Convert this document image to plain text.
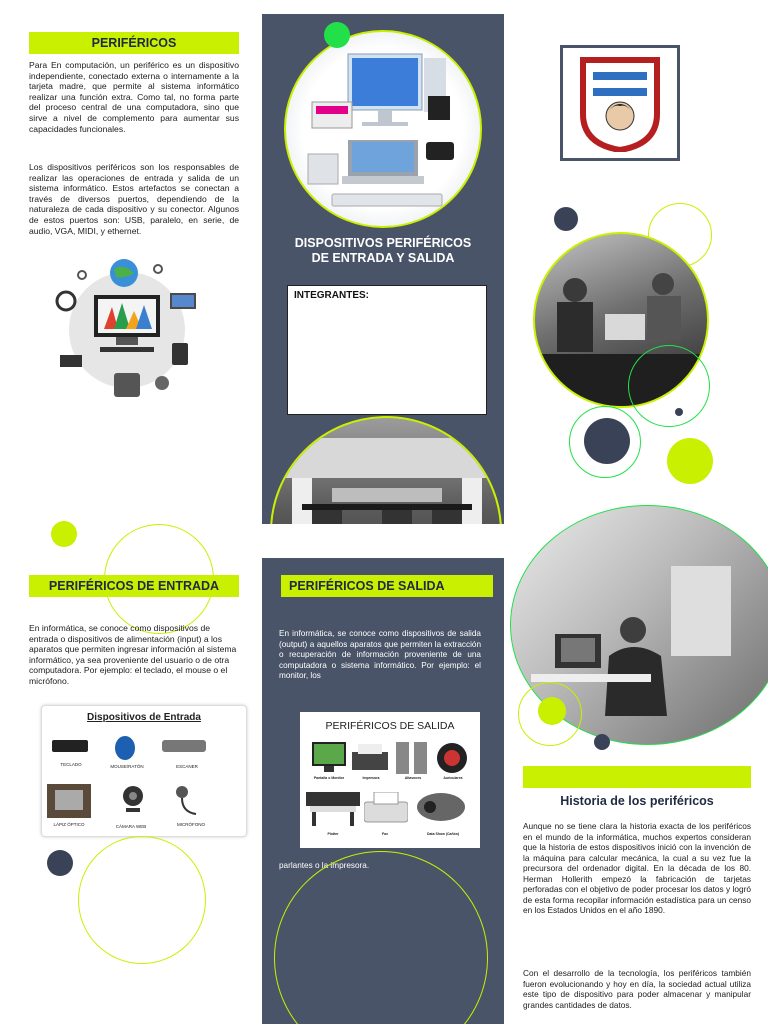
PERIFÉRICOS
Para En computación, un periférico es un dispositivo independiente, conectado externa o internamente a la tarjeta madre, que permite al sistema informático realizar una función extra. Como tal, no forma parte del proceso central de una computadora, sino que sirve a nivel de complemento para aumentar sus capacidades funcionales.
Los dispositivos periféricos son los responsables de realizar las operaciones de entrada y salida de un sistema informático. Estos artefactos se conectan a través de diversos puertos, dependiendo de la naturaleza de cada dispositivo y su conector. Algunos de estos puertos son: USB, paralelo, en serie, de audio, VGA, MIDI, y ethernet.
DISPOSITIVOS PERIFÉRICOS DE ENTRADA Y SALIDA
INTEGRANTES:
PERIFÉRICOS DE ENTRADA
En informática, se conoce como dispositivos de entrada o dispositivos de alimentación (input) a los aparatos que permiten ingresar información al sistema informático, ya sea proveniente del usuario o de otra computadora. Por ejemplo: el teclado, el mouse o el micrófono.
Dispositivos de Entrada
TECLADO	MOUSE/RATÓN	ESCANER
LÁPIZ ÓPTICO	CÁMARA WEB	MICRÓFONO
PERIFÉRICOS DE SALIDA
En informática, se conoce como dispositivos de salida (output) a aquellos aparatos que permiten la extracción o recuperación de información proveniente de una computadora o sistema informático. Por ejemplo: el monitor, los
PERIFÉRICOS DE SALIDA
Pantalla o Monitor	Impresora	Altavoces	Auriculares
Plotter	Fax	Data Show (Cañón)
parlantes o la impresora.
Historia de los periféricos
Aunque no se tiene clara la historia exacta de los periféricos en el mundo de la informática, muchos expertos consideran que la historia de estos dispositivos inició con la invención de la máquina para calcular mecánica, la cual a su vez fue la precursora del ordenador digital. En la década de los 80. Herman Hollerith empezó la fabricación de tarjetas perforadas con el objetivo de poder procesar los datos y logró de esta forma recopilar información estadística para un censo en los Estados Unidos en el año 1890.
Con el desarrollo de la tecnología, los periféricos también fueron evolucionando y hoy en día, la sociedad actual utiliza este tipo de dispositivo para poder almacenar y manipular grandes cantidades de datos.
